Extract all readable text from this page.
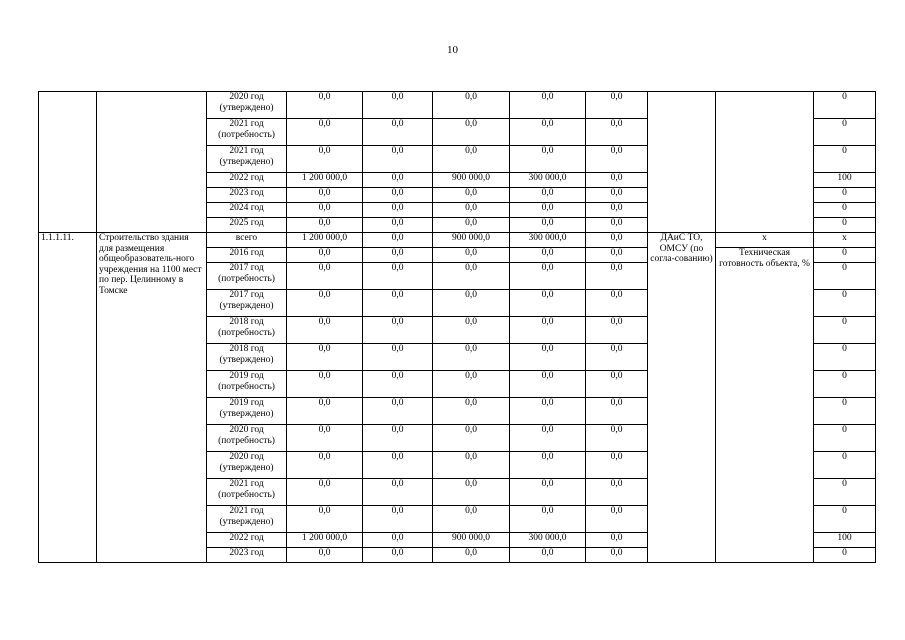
10
		2020 год (утверждено)	0,0	0,0	0,0	0,0	0,0			0
		2021 год (потребность)	0,0	0,0	0,0	0,0	0,0			0
		2021 год (утверждено)	0,0	0,0	0,0	0,0	0,0			0
		2022 год	1 200 000,0	0,0	900 000,0	300 000,0	0,0			100
		2023 год	0,0	0,0	0,0	0,0	0,0			0
		2024 год	0,0	0,0	0,0	0,0	0,0			0
		2025 год	0,0	0,0	0,0	0,0	0,0			0
1.1.1.11.	Строительство здания для размещения общеобразователь-ного учреждения на 1100 мест по пер. Целинному в Томске	всего	1 200 000,0	0,0	900 000,0	300 000,0	0,0	ДАиС ТО, ОМСУ (по согла-сованию)	х	х
		2016 год	0,0	0,0	0,0	0,0	0,0		Техническая готовность объекта, %	0
		2017 год (потребность)	0,0	0,0	0,0	0,0	0,0			0
		2017 год (утверждено)	0,0	0,0	0,0	0,0	0,0			0
		2018 год (потребность)	0,0	0,0	0,0	0,0	0,0			0
		2018 год (утверждено)	0,0	0,0	0,0	0,0	0,0			0
		2019 год (потребность)	0,0	0,0	0,0	0,0	0,0			0
		2019 год (утверждено)	0,0	0,0	0,0	0,0	0,0			0
		2020 год (потребность)	0,0	0,0	0,0	0,0	0,0			0
		2020 год (утверждено)	0,0	0,0	0,0	0,0	0,0			0
		2021 год (потребность)	0,0	0,0	0,0	0,0	0,0			0
		2021 год (утверждено)	0,0	0,0	0,0	0,0	0,0			0
		2022 год	1 200 000,0	0,0	900 000,0	300 000,0	0,0			100
		2023 год	0,0	0,0	0,0	0,0	0,0			0
